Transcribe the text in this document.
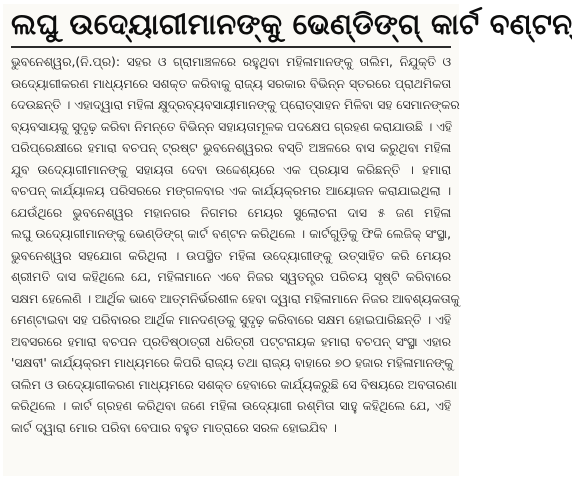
ଲଘୁ ଉଦ୍ୟୋଗୀମାନଙ୍କୁ ଭେଣ୍ଡିଙ୍ଗ୍ କାର୍ଟ ବଣ୍ଟନ୍
ଭୁବନେଶ୍ୱର,(ନି.ପ୍ର): ସହର ଓ ଗ୍ରାମାଞ୍ଚଳରେ ରହୁଥିବା ମହିଳାମାନଙ୍କୁ ତାଲିମ, ନିଯୁକ୍ତି ଓ
ଉଦ୍ୟୋଗୀକରଣ ମାଧ୍ୟମରେ ସଶକ୍ତ କରିବାକୁ ରାଜ୍ୟ ସରକାର ବିଭିନ୍ନ ସ୍ତରରେ ପ୍ରାଥମିକତା
ଦେଉଛନ୍ତି । ଏହାଦ୍ୱାରା ମହିଳା କ୍ଷୁଦ୍ରବ୍ୟବସାୟୀମାନଙ୍କୁ ପ୍ରୋତ୍ସାହନ ମିଳିବା ସହ ସେମାନଙ୍କର
ବ୍ୟବସାୟକୁ ସୁଦୃଢ଼ କରିବା ନିମନ୍ତେ ବିଭିନ୍ନ ସହାୟତାମୂଳକ ପଦକ୍ଷେପ ଗ୍ରହଣ କରାଯାଉଛି । ଏହି
ପରିପ୍ରେକ୍ଷୀରେ ହମାରା ବଚପନ୍ ଟ୍ରଷ୍ଟ ଭୁବନେଶ୍ୱରର ବସ୍ତି ଅଞ୍ଚଳରେ ବାସ କରୁଥିବା ମହିଳା
ଯୁବ ଉଦ୍ୟୋଗୀମାନଙ୍କୁ ସହାୟତା ଦେବା ଉଦ୍ଦେଶ୍ୟରେ ଏକ ପ୍ରୟାସ କରିଛନ୍ତି । ହମାରା
ବଚପନ୍ କାର୍ଯ୍ୟାଳୟ ପରିସରରେ ମଙ୍ଗଳବାର ଏକ କାର୍ଯ୍ୟକ୍ରମର ଆୟୋଜନ କରାଯାଇଥିଲା ।
ଯେଉଁଥିରେ ଭୁବନେଶ୍ୱର ମହାନଗର ନିଗମର ମେୟର ସୁଲୋଚନା ଦାସ ୫ ଜଣ ମହିଳା
ଲଘୁ ଉଦ୍ୟୋଗୀମାନଙ୍କୁ ଭେଣ୍ଡିଙ୍ଗ୍ କାର୍ଟ ବଣ୍ଟନ କରିଥିଲେ । କାର୍ଟଗୁଡ଼ିକୁ ଫିକି ଲେଜିକ୍ ସଂସ୍ଥା,
ଭୁବନେଶ୍ୱର ସହଯୋଗ କରିଥିଲା । ଉପସ୍ଥିତ ମହିଳା ଉଦ୍ୟୋଗୀଙ୍କୁ ଉତ୍ସାହିତ କରି ମେୟର
ଶ୍ରୀମତି ଦାସ କହିଥିଲେ ଯେ, ମହିଳାମାନେ ଏବେ ନିଜର ସ୍ୱତନ୍ତ୍ର ପରିଚୟ ସୃଷ୍ଟି କରିବାରେ
ସକ୍ଷମ ହେଲେଣି । ଆର୍ଥିକ ଭାବେ ଆତ୍ମନିର୍ଭରଶୀଳ ହେବା ଦ୍ୱାରା ମହିଳାମାନେ ନିଜର ଆବଶ୍ୟକତାକୁ
ମେଣ୍ଟାଇବା ସହ ପରିବାରର ଆର୍ଥିକ ମାନଦଣ୍ଡକୁ ସୁଦୃଢ଼ କରିବାରେ ସକ୍ଷମ ହୋଇପାରିଛନ୍ତି । ଏହି
ଅବସରରେ ହମାରା ବଚପନ ପ୍ରତିଷ୍ଠାତ୍ରୀ ଧରିତ୍ରୀ ପଟ୍ଟନାୟକ ହମାରା ବଚପନ୍ ସଂସ୍ଥା ଏହାର
'ସକ୍ଷବୀ' କାର୍ଯ୍ୟକ୍ରମ ମାଧ୍ୟମରେ କିପରି ରାଜ୍ୟ ତଥା ରାଜ୍ୟ ବାହାରେ ୭୦ ହଜାର ମହିଳାମାନଙ୍କୁ
ତାଲିମ ଓ ଉଦ୍ୟୋଗୀକରଣ ମାଧ୍ୟମରେ ସଶକ୍ତ ହେବାରେ କାର୍ଯ୍ୟକରୁଛି ସେ ବିଷୟରେ ଅବତାରଣା
କରିଥିଲେ । କାର୍ଟ ଗ୍ରହଣ କରିଥିବା ଜଣେ ମହିଳା ଉଦ୍ୟୋଗୀ ରଶ୍ମିତା ସାହୁ କହିଥିଲେ ଯେ, ଏହି
କାର୍ଟ ଦ୍ୱାରା ମୋର ପରିବା ବେପାର ବହୁତ ମାତ୍ରାରେ ସରଳ ହୋଇଯିବ ।
